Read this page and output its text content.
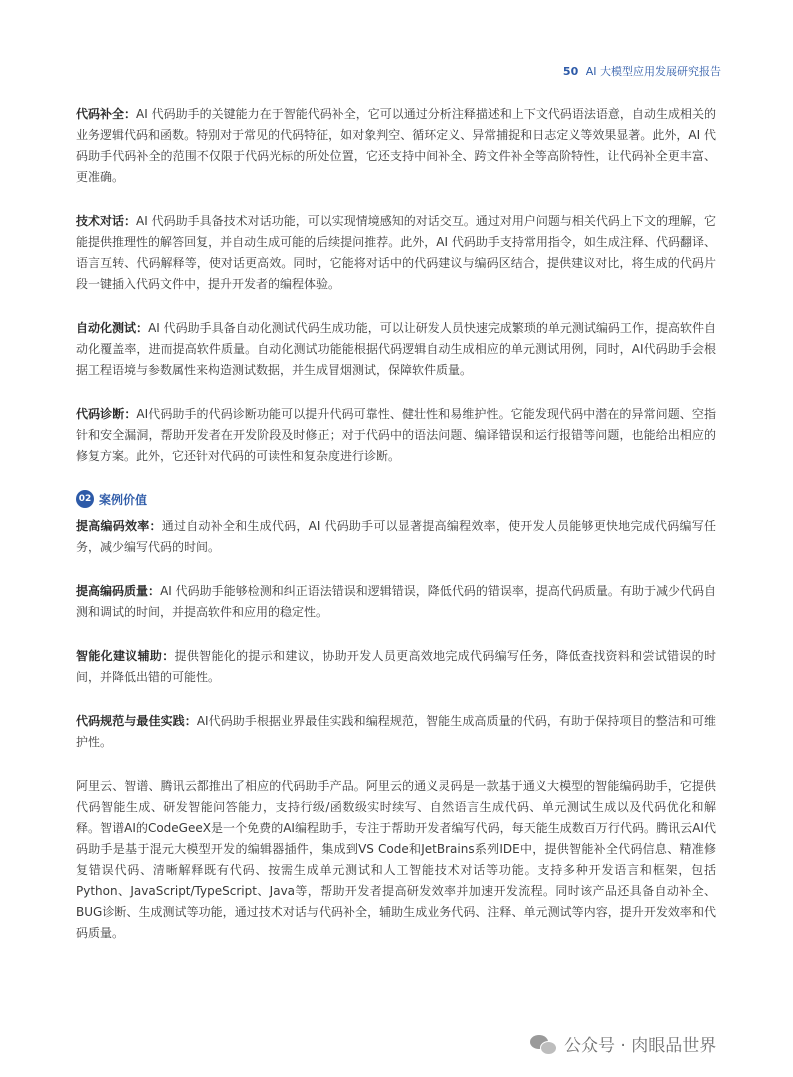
50 AI 大模型应用发展研究报告

代码补全：AI 代码助手的关键能力在于智能代码补全，它可以通过分析注释描述和上下文代码语法语意，自动生成相关的业务逻辑代码和函数。特别对于常见的代码特征，如对象判空、循环定义、异常捕捉和日志定义等效果显著。此外，AI 代码助手代码补全的范围不仅限于代码光标的所处位置，它还支持中间补全、跨文件补全等高阶特性，让代码补全更丰富、更准确。

技术对话：AI 代码助手具备技术对话功能，可以实现情境感知的对话交互。通过对用户问题与相关代码上下文的理解，它能提供推理性的解答回复，并自动生成可能的后续提问推荐。此外，AI 代码助手支持常用指令，如生成注释、代码翻译、语言互转、代码解释等，使对话更高效。同时，它能将对话中的代码建议与编码区结合，提供建议对比，将生成的代码片段一键插入代码文件中，提升开发者的编程体验。

自动化测试：AI 代码助手具备自动化测试代码生成功能，可以让研发人员快速完成繁琐的单元测试编码工作，提高软件自动化覆盖率，进而提高软件质量。自动化测试功能能根据代码逻辑自动生成相应的单元测试用例，同时，AI代码助手会根据工程语境与参数属性来构造测试数据，并生成冒烟测试，保障软件质量。

代码诊断：AI代码助手的代码诊断功能可以提升代码可靠性、健壮性和易维护性。它能发现代码中潜在的异常问题、空指针和安全漏洞，帮助开发者在开发阶段及时修正；对于代码中的语法问题、编译错误和运行报错等问题，也能给出相应的修复方案。此外，它还针对代码的可读性和复杂度进行诊断。

02 案例价值

提高编码效率：通过自动补全和生成代码，AI 代码助手可以显著提高编程效率，使开发人员能够更快地完成代码编写任务，减少编写代码的时间。

提高编码质量：AI 代码助手能够检测和纠正语法错误和逻辑错误，降低代码的错误率，提高代码质量。有助于减少代码自测和调试的时间，并提高软件和应用的稳定性。

智能化建议辅助：提供智能化的提示和建议，协助开发人员更高效地完成代码编写任务，降低查找资料和尝试错误的时间，并降低出错的可能性。

代码规范与最佳实践：AI代码助手根据业界最佳实践和编程规范，智能生成高质量的代码，有助于保持项目的整洁和可维护性。

阿里云、智谱、腾讯云都推出了相应的代码助手产品。阿里云的通义灵码是一款基于通义大模型的智能编码助手，它提供代码智能生成、研发智能问答能力，支持行级/函数级实时续写、自然语言生成代码、单元测试生成以及代码优化和解释。智谱AI的CodeGeeX是一个免费的AI编程助手，专注于帮助开发者编写代码，每天能生成数百万行代码。腾讯云AI代码助手是基于混元大模型开发的编辑器插件，集成到VS Code和JetBrains系列IDE中，提供智能补全代码信息、精准修复错误代码、清晰解释既有代码、按需生成单元测试和人工智能技术对话等功能。支持多种开发语言和框架，包括Python、JavaScript/TypeScript、Java等，帮助开发者提高研发效率并加速开发流程。同时该产品还具备自动补全、BUG诊断、生成测试等功能，通过技术对话与代码补全，辅助生成业务代码、注释、单元测试等内容，提升开发效率和代码质量。

公众号 · 肉眼品世界
